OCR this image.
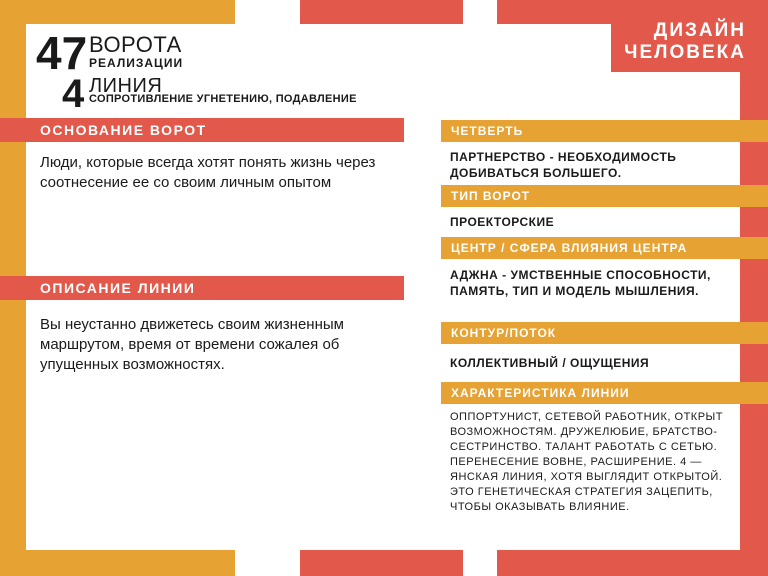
ДИЗАЙН
ЧЕЛОВЕКА
47 ВОРОТА
РЕАЛИЗАЦИИ
4 ЛИНИЯ
СОПРОТИВЛЕНИЕ УГНЕТЕНИЮ, ПОДАВЛЕНИЕ
ОСНОВАНИЕ ВОРОТ
Люди, которые всегда хотят понять жизнь через соотнесение ее со своим личным опытом
ОПИСАНИЕ ЛИНИИ
Вы неустанно движетесь своим жизненным маршрутом, время от времени сожалея об упущенных возможностях.
ЧЕТВЕРТЬ
ПАРТНЕРСТВО - НЕОБХОДИМОСТЬ ДОБИВАТЬСЯ БОЛЬШЕГО.
ТИП ВОРОТ
ПРОЕКТОРСКИЕ
ЦЕНТР / СФЕРА ВЛИЯНИЯ ЦЕНТРА
АДЖНА - УМСТВЕННЫЕ СПОСОБНОСТИ, ПАМЯТЬ, ТИП И МОДЕЛЬ МЫШЛЕНИЯ.
КОНТУР/ПОТОК
КОЛЛЕКТИВНЫЙ / ОЩУЩЕНИЯ
ХАРАКТЕРИСТИКА ЛИНИИ
ОППОРТУНИСТ, СЕТЕВОЙ РАБОТНИК, ОТКРЫТ ВОЗМОЖНОСТЯМ. ДРУЖЕЛЮБИЕ, БРАТСТВО-СЕСТРИНСТВО. ТАЛАНТ РАБОТАТЬ С СЕТЬЮ. ПЕРЕНЕСЕНИЕ ВОВНЕ, РАСШИРЕНИЕ. 4 — ЯНСКАЯ ЛИНИЯ, ХОТЯ ВЫГЛЯДИТ ОТКРЫТОЙ. ЭТО ГЕНЕТИЧЕСКАЯ СТРАТЕГИЯ ЗАЦЕПИТЬ, ЧТОБЫ ОКАЗЫВАТЬ ВЛИЯНИЕ.
